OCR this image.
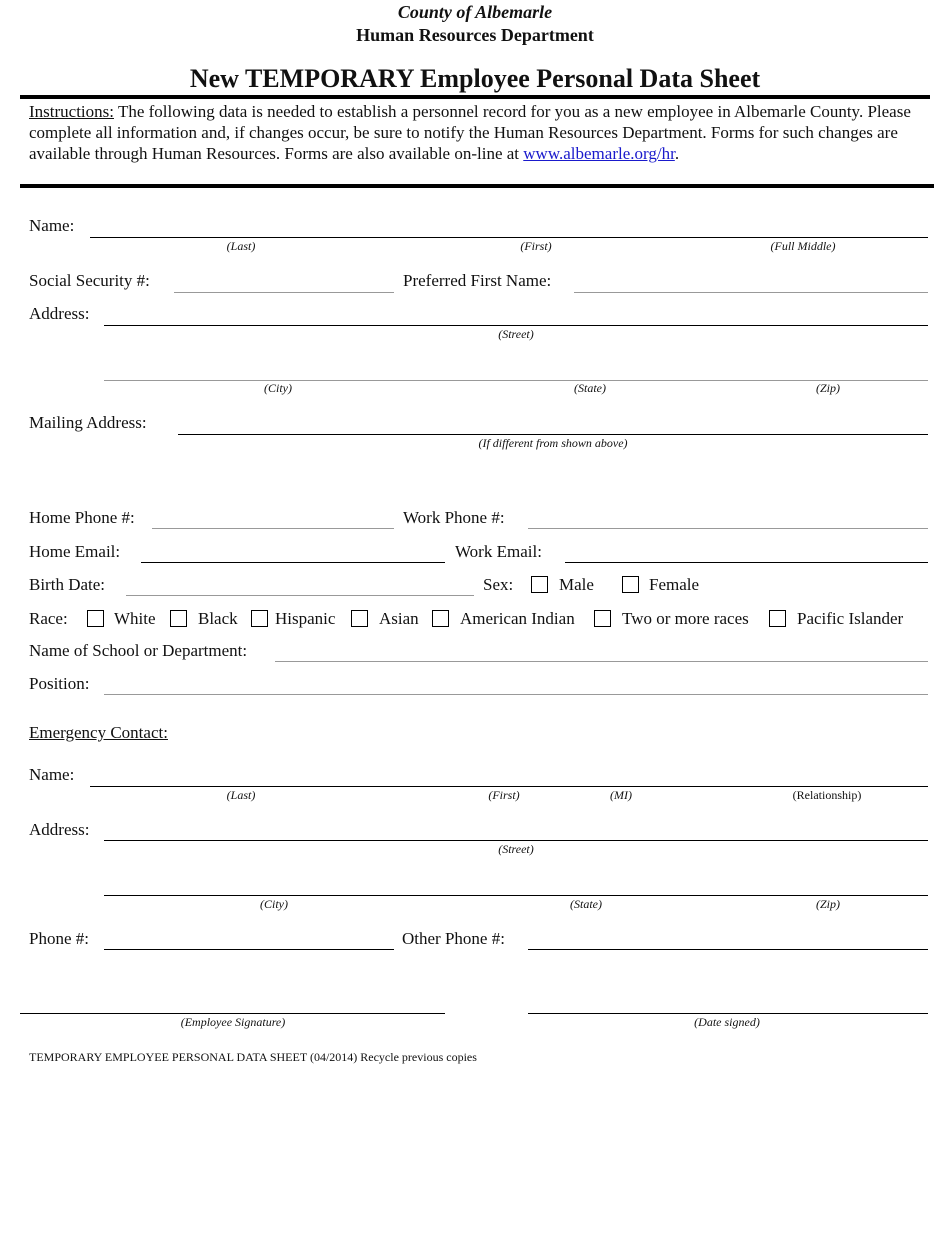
County of Albemarle
Human Resources Department
New TEMPORARY Employee Personal Data Sheet
Instructions: The following data is needed to establish a personnel record for you as a new employee in Albemarle County. Please complete all information and, if changes occur, be sure to notify the Human Resources Department. Forms for such changes are available through Human Resources. Forms are also available on-line at www.albemarle.org/hr.
Name:
(Last)	(First)	(Full Middle)
Social Security #:	Preferred First Name:
Address:
(Street)
(City)	(State)	(Zip)
Mailing Address:
(If different from shown above)
Home Phone #:	Work Phone #:
Home Email:	Work Email:
Birth Date:	Sex:	Male	Female
Race:	White Black Hispanic	Asian American Indian	Two or more races	Pacific Islander
Name of School or Department:
Position:
Emergency Contact:
Name:
(Last)	(First)	(MI)	(Relationship)
Address:
(Street)
(City)	(State)	(Zip)
Phone #:	Other Phone #:
(Employee Signature)	(Date signed)
TEMPORARY EMPLOYEE PERSONAL DATA SHEET (04/2014) Recycle previous copies
